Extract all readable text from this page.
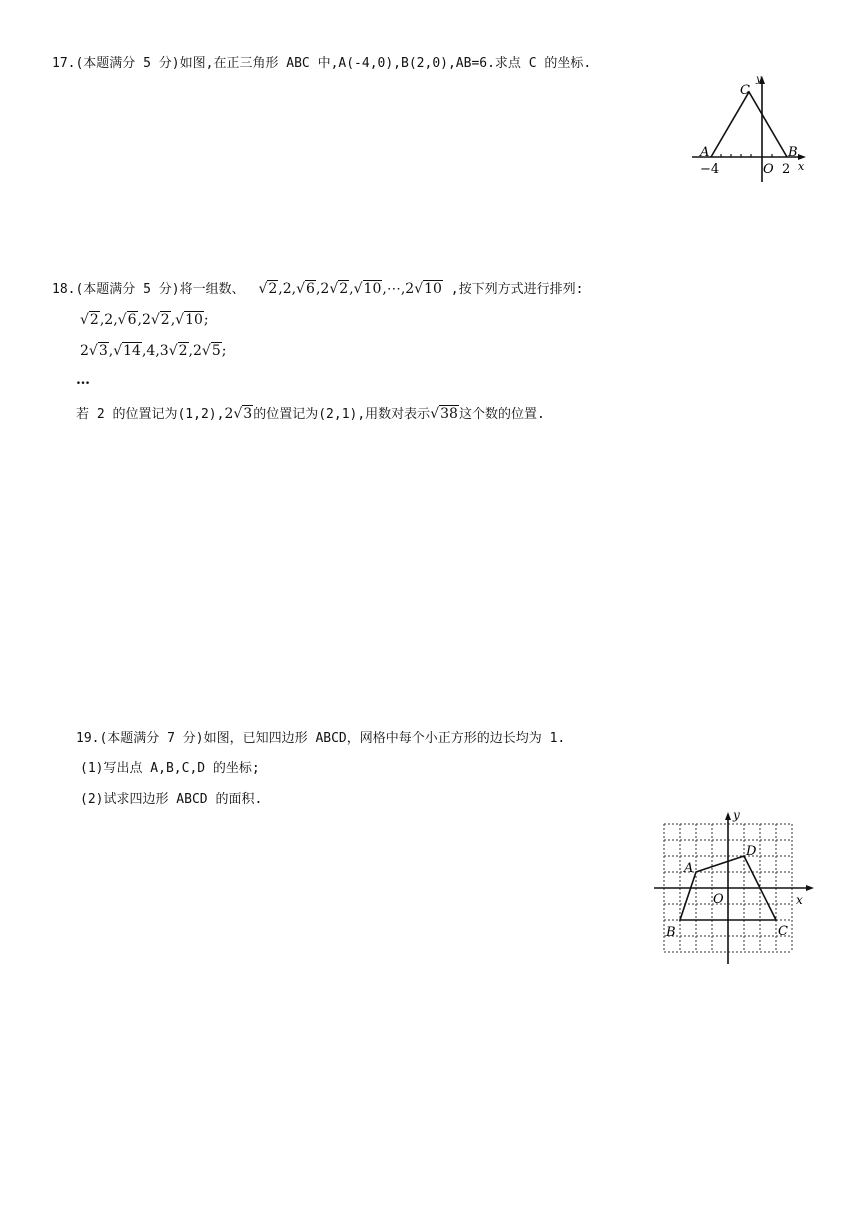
17.(本题满分 5 分)如图,在正三角形 ABC 中,A(-4,0),B(2,0),AB=6.求点 C 的坐标.
C
y
A	B
x
O
−4	2
18.(本题满分 5 分)将一组数、 √2,2,√6,2√2,√10,⋯,2√10 ,按下列方式进行排列:
√2,2,√6,2√2,√10;
2√3,√14,4,3√2,2√5;
…
若 2 的位置记为(1,2),2√3的位置记为(2,1),用数对表示√38这个数的位置.
19.(本题满分 7 分)如图，已知四边形 ABCD，网格中每个小正方形的边长均为 1.
(1)写出点 A,B,C,D 的坐标;
(2)试求四边形 ABCD 的面积.
y
x
A
B	C
D
O
